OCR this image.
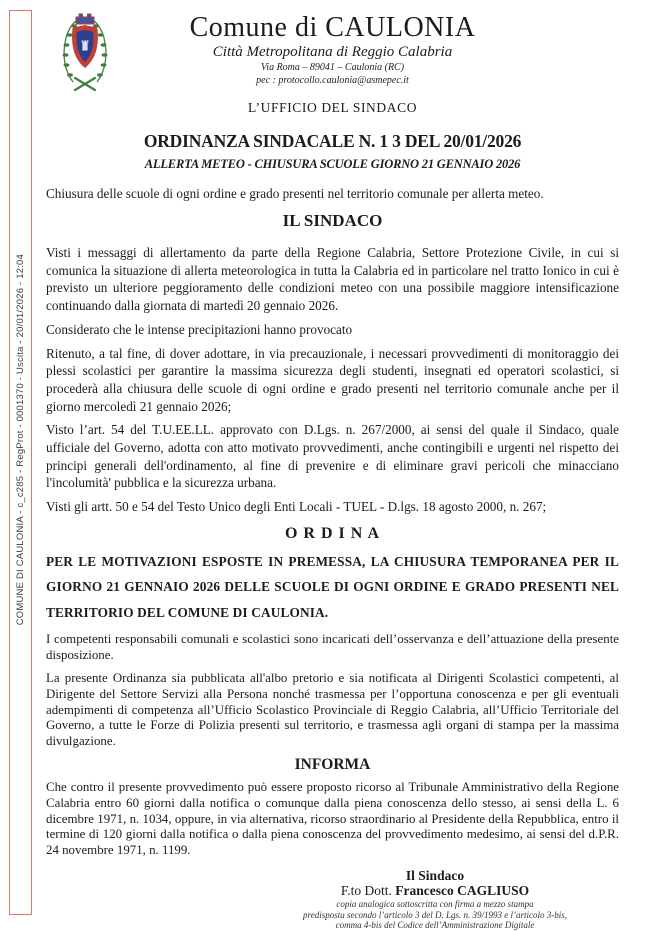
COMUNE DI CAULONIA - c_c285 - RegProt - 0001370 - Uscita - 20/01/2026 - 12:04
Comune di CAULONIA
Città Metropolitana di Reggio Calabria
Via Roma – 89041 – Caulonia (RC)
pec : protocollo.caulonia@asmepec.it
L’UFFICIO DEL SINDACO
ORDINANZA SINDACALE N. 1 3 DEL 20/01/2026
ALLERTA METEO - CHIUSURA SCUOLE GIORNO 21 GENNAIO 2026
Chiusura delle scuole di ogni ordine e grado presenti nel territorio comunale per allerta meteo.
IL SINDACO

Visti i messaggi di allertamento da parte della Regione Calabria, Settore Protezione Civile, in cui si comunica la situazione di allerta meteorologica in tutta la Calabria ed in particolare nel tratto Ionico in cui è previsto un ulteriore peggioramento delle condizioni meteo con una possibile maggiore intensificazione continuando dalla giornata di martedì 20 gennaio 2026.

Considerato che le intense precipitazioni hanno provocato

Ritenuto, a tal fine, di dover adottare, in via precauzionale, i necessari provvedimenti di monitoraggio dei plessi scolastici per garantire la massima sicurezza degli studenti, insegnati ed operatori scolastici, si procederà alla chiusura delle scuole di ogni ordine e grado presenti nel territorio comunale anche per il giorno mercoledì 21 gennaio 2026;

Visto l’art. 54 del T.U.EE.LL. approvato con D.Lgs. n. 267/2000, ai sensi del quale il Sindaco, quale ufficiale del Governo, adotta con atto motivato provvedimenti, anche contingibili e urgenti nel rispetto dei principi generali dell'ordinamento, al fine di prevenire e di eliminare gravi pericoli che minacciano l'incolumità' pubblica e la sicurezza urbana.

Visti gli artt. 50 e 54 del Testo Unico degli Enti Locali - TUEL - D.lgs. 18 agosto 2000, n. 267;

O R D I N A
PER LE MOTIVAZIONI ESPOSTE IN PREMESSA, LA CHIUSURA TEMPORANEA PER IL GIORNO 21 GENNAIO 2026 DELLE SCUOLE DI OGNI ORDINE E GRADO PRESENTI NEL TERRITORIO DEL COMUNE DI CAULONIA.

I competenti responsabili comunali e scolastici sono incaricati dell’osservanza e dell’attuazione della presente disposizione.

La presente Ordinanza sia pubblicata all'albo pretorio e sia notificata al Dirigenti Scolastici competenti, al Dirigente del Settore Servizi alla Persona nonché trasmessa per l’opportuna conoscenza e per gli eventuali adempimenti di competenza all’Ufficio Scolastico Provinciale di Reggio Calabria, all’Ufficio Territoriale del Governo, a tutte le Forze di Polizia presenti sul territorio, e trasmessa agli organi di stampa per la massima divulgazione.

INFORMA
Che contro il presente provvedimento può essere proposto ricorso al Tribunale Amministrativo della Regione Calabria entro 60 giorni dalla notifica o comunque dalla piena conoscenza dello stesso, ai sensi della L. 6 dicembre 1971, n. 1034, oppure, in via alternativa, ricorso straordinario al Presidente della Repubblica, entro il termine di 120 giorni dalla notifica o dalla piena conoscenza del provvedimento medesimo, ai sensi del d.P.R. 24 novembre 1971, n. 1199.
Il Sindaco
F.to Dott. Francesco CAGLIUSO
copia analogica sottoscritta con firma a mezzo stampa
predisposta secondo l’articolo 3 del D. Lgs. n. 39/1993 e l’articolo 3-bis,
comma 4-bis del Codice dell’Amministrazione Digitale
